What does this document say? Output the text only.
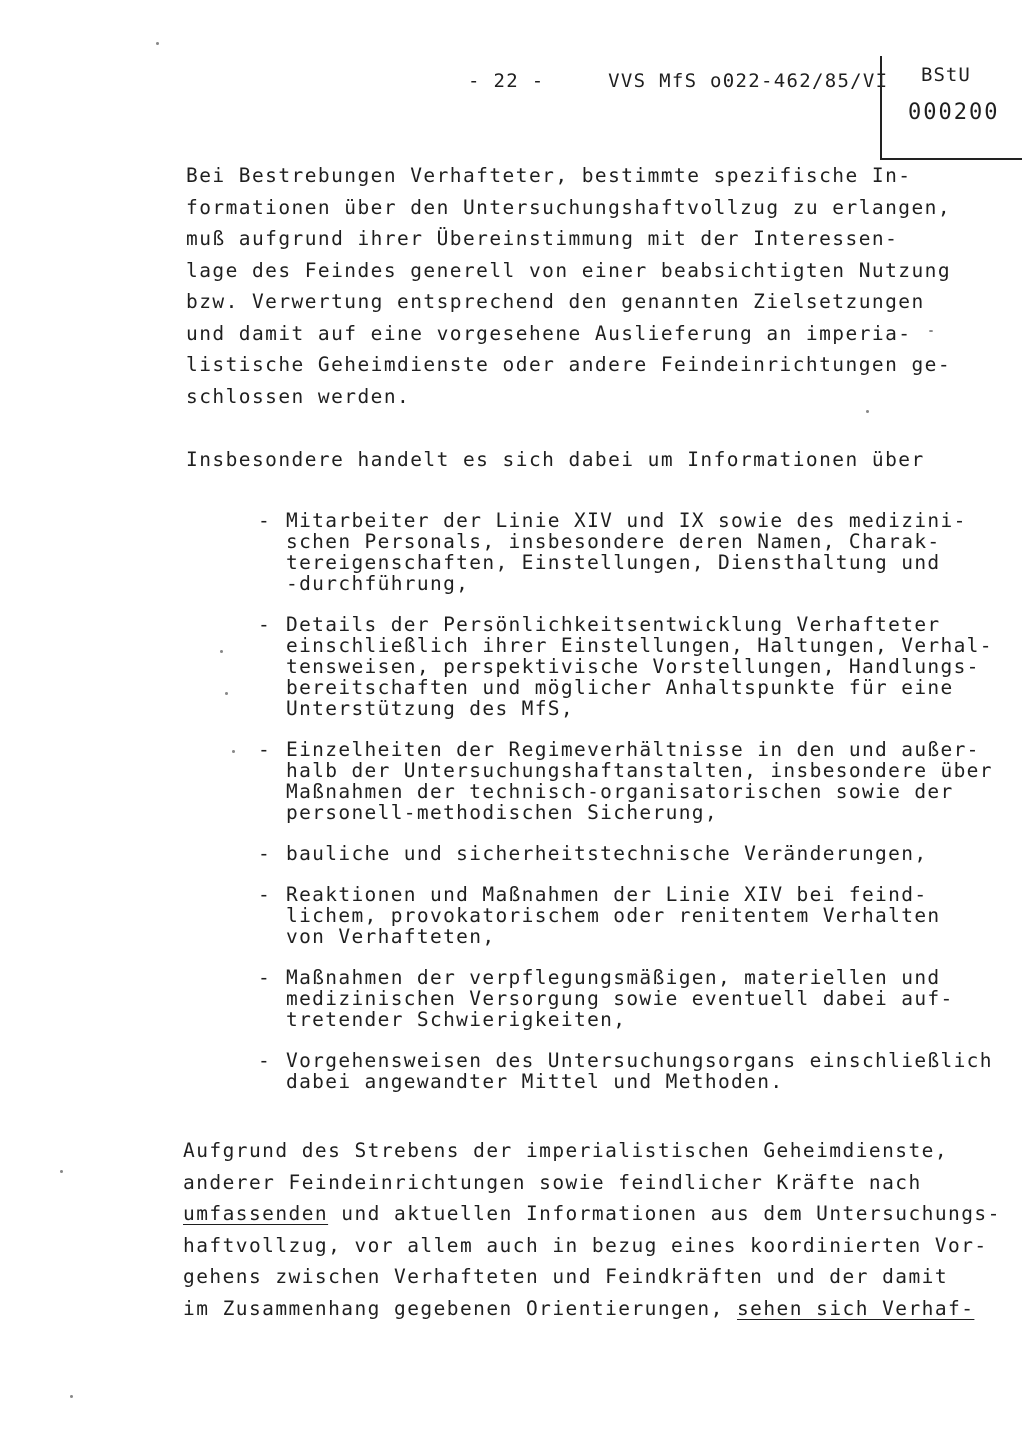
- 22 -	VVS MfS o022-462/85/VI BStU
000200
Bei Bestrebungen Verhafteter, bestimmte spezifische In-
formationen über den Untersuchungshaftvollzug zu erlangen,
muß aufgrund ihrer Übereinstimmung mit der Interessen-
lage des Feindes generell von einer beabsichtigten Nutzung
bzw. Verwertung entsprechend den genannten Zielsetzungen
und damit auf eine vorgesehene Auslieferung an imperia-
listische Geheimdienste oder andere Feindeinrichtungen ge-
schlossen werden.
Insbesondere handelt es sich dabei um Informationen über
- Mitarbeiter der Linie XIV und IX sowie des medizini-
schen Personals, insbesondere deren Namen, Charak-
tereigenschaften, Einstellungen, Diensthaltung und
-durchführung,
- Details der Persönlichkeitsentwicklung Verhafteter
einschließlich ihrer Einstellungen, Haltungen, Verhal-
tensweisen, perspektivische Vorstellungen, Handlungs-
bereitschaften und möglicher Anhaltspunkte für eine
Unterstützung des MfS,
- Einzelheiten der Regimeverhältnisse in den und außer-
halb der Untersuchungshaftanstalten, insbesondere über
Maßnahmen der technisch-organisatorischen sowie der
personell-methodischen Sicherung,
- bauliche und sicherheitstechnische Veränderungen,
- Reaktionen und Maßnahmen der Linie XIV bei feind-
lichem, provokatorischem oder renitentem Verhalten
von Verhafteten,
- Maßnahmen der verpflegungsmäßigen, materiellen und
medizinischen Versorgung sowie eventuell dabei auf-
tretender Schwierigkeiten,
- Vorgehensweisen des Untersuchungsorgans einschließlich
dabei angewandter Mittel und Methoden.
Aufgrund des Strebens der imperialistischen Geheimdienste,
anderer Feindeinrichtungen sowie feindlicher Kräfte nach
umfassenden und aktuellen Informationen aus dem Untersuchungs-
haftvollzug, vor allem auch in bezug eines koordinierten Vor-
gehens zwischen Verhafteten und Feindkräften und der damit
im Zusammenhang gegebenen Orientierungen, sehen sich Verhaf-
